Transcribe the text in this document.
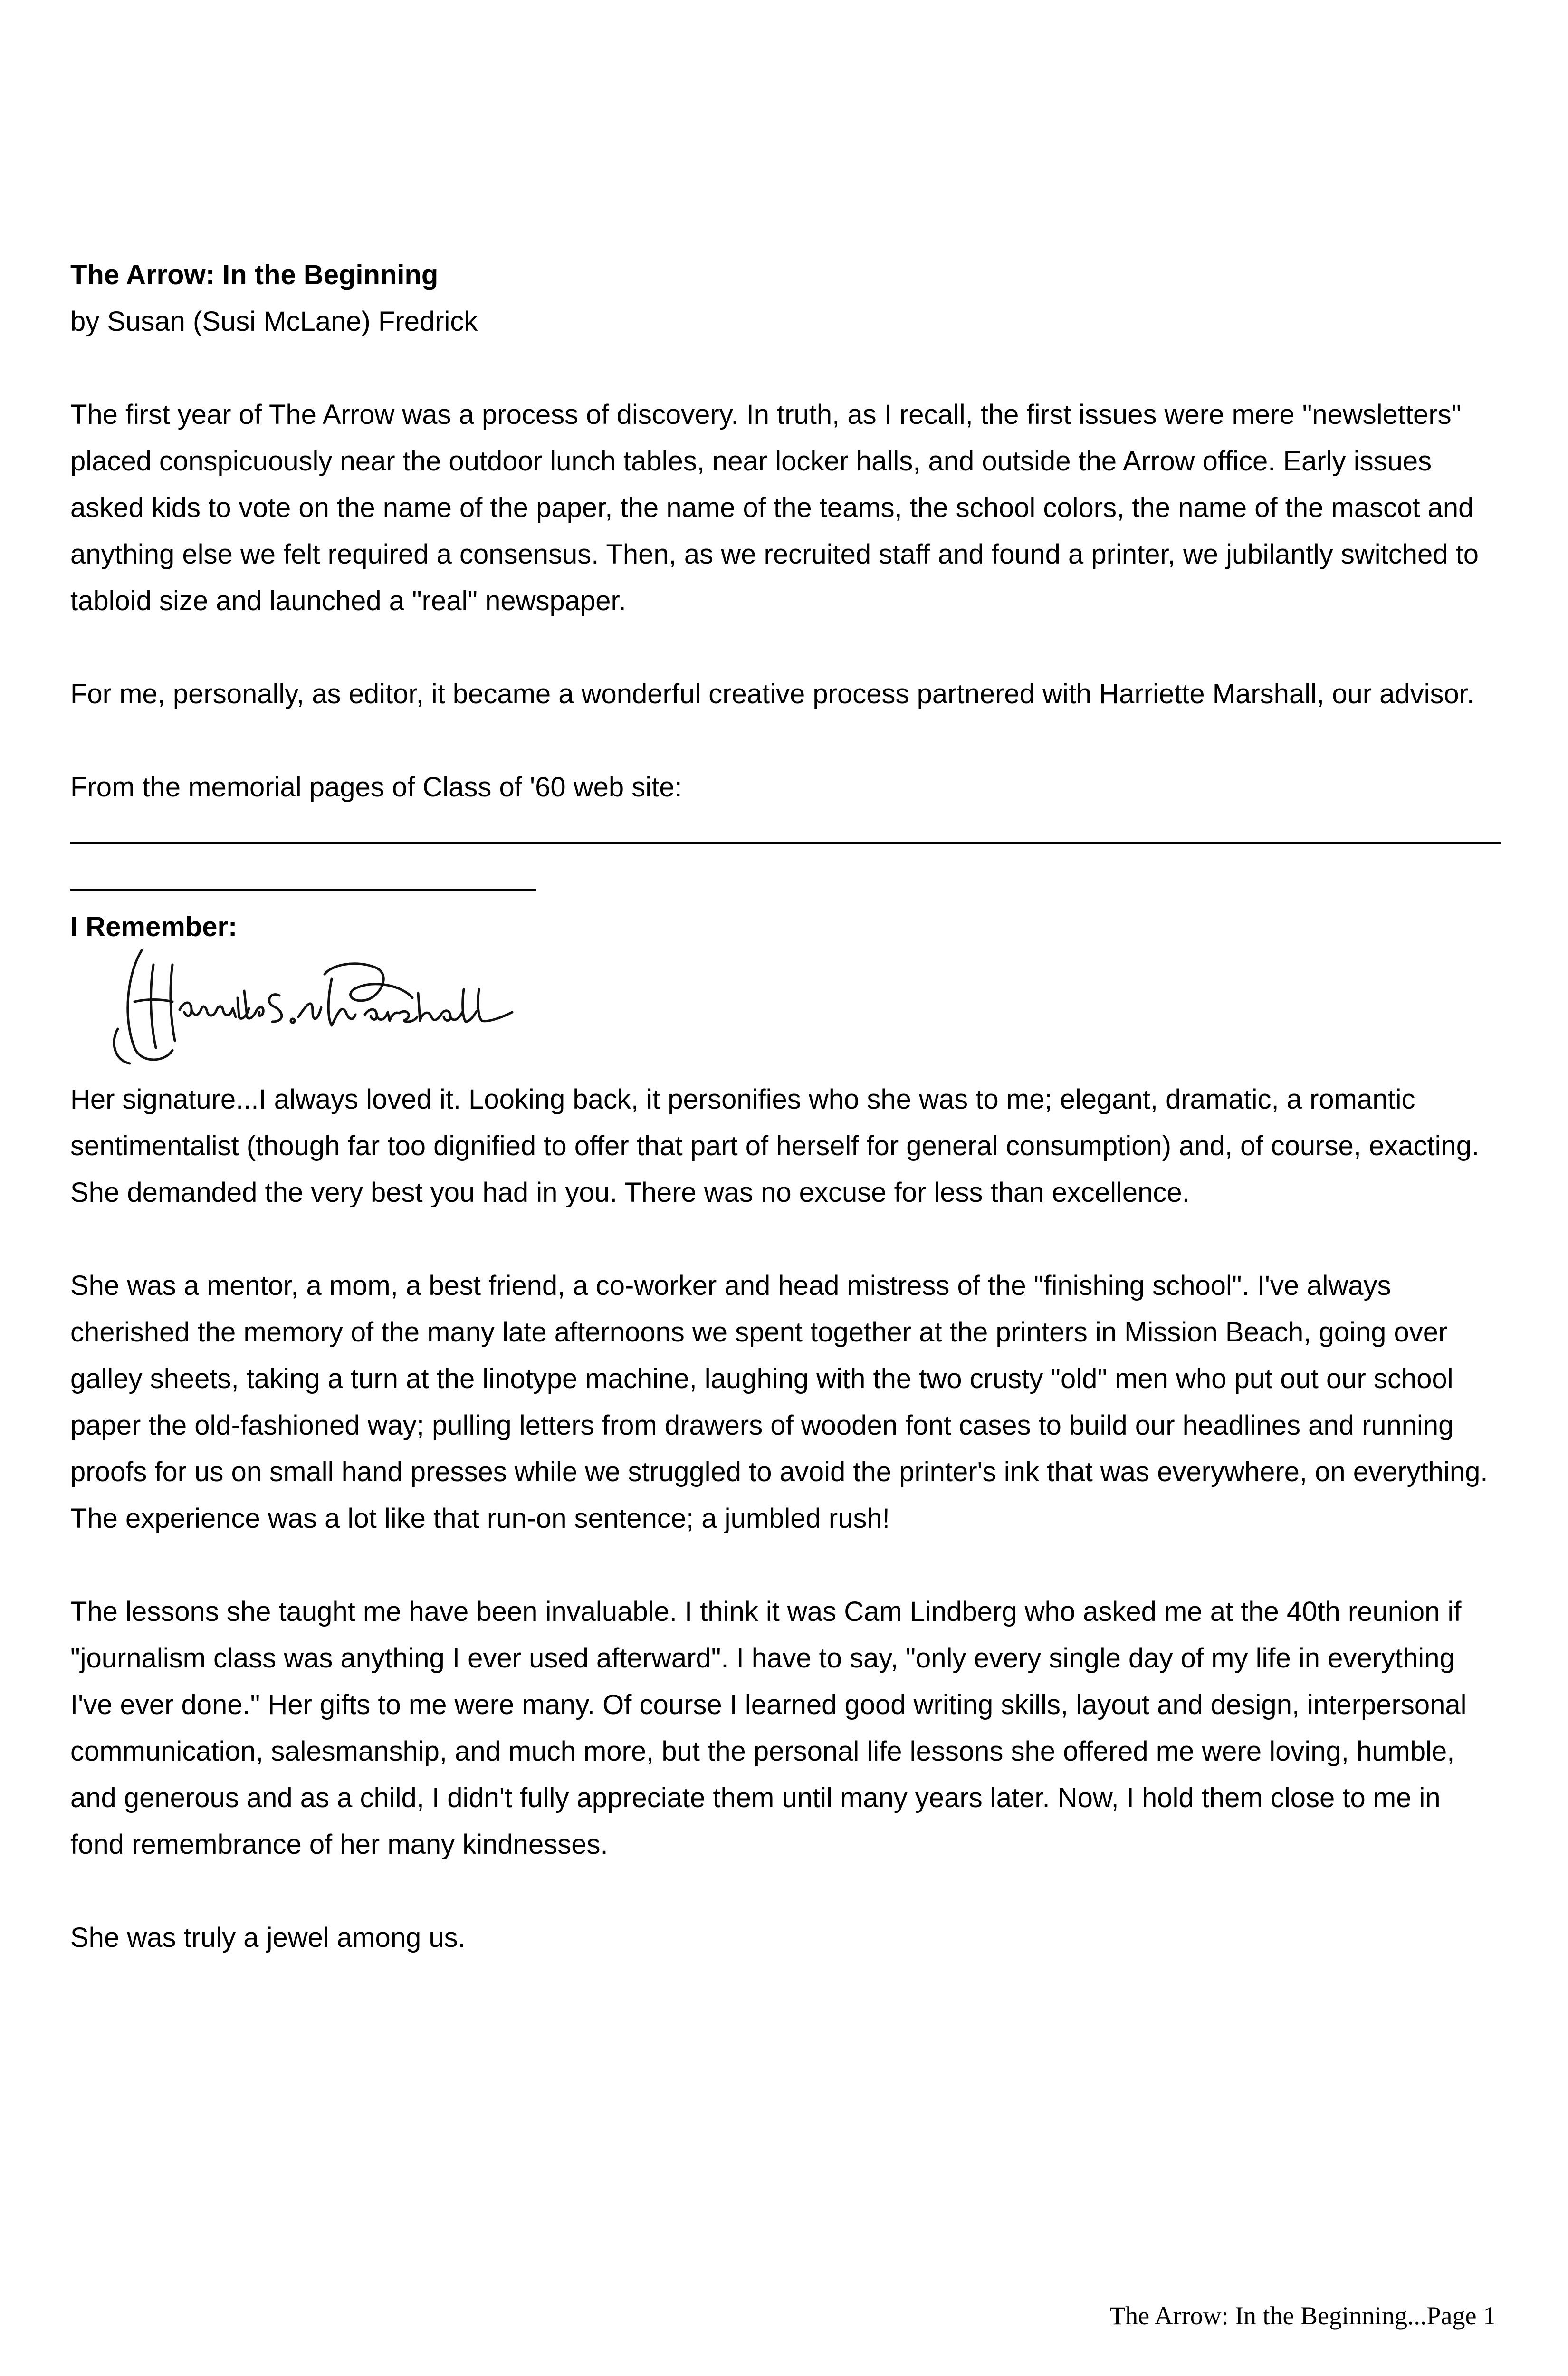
The Arrow: In the Beginning

by Susan (Susi McLane) Fredrick

The first year of The Arrow was a process of discovery. In truth, as I recall, the first issues were mere "newsletters" placed conspicuously near the outdoor lunch tables, near locker halls, and outside the Arrow office. Early issues asked kids to vote on the name of the paper, the name of the teams, the school colors, the name of the mascot and anything else we felt required a consensus. Then, as we recruited staff and found a printer, we jubilantly switched to tabloid size and launched a "real" newspaper.

For me, personally, as editor, it became a wonderful creative process partnered with Harriette Marshall, our advisor.

From the memorial pages of Class of '60 web site:

I Remember:

Her signature...I always loved it. Looking back, it personifies who she was to me; elegant, dramatic, a romantic sentimentalist (though far too dignified to offer that part of herself for general consumption) and, of course, exacting. She demanded the very best you had in you. There was no excuse for less than excellence.

She was a mentor, a mom, a best friend, a co-worker and head mistress of the "finishing school". I've always cherished the memory of the many late afternoons we spent together at the printers in Mission Beach, going over galley sheets, taking a turn at the linotype machine, laughing with the two crusty "old" men who put out our school paper the old-fashioned way; pulling letters from drawers of wooden font cases to build our headlines and running proofs for us on small hand presses while we struggled to avoid the printer's ink that was everywhere, on everything. The experience was a lot like that run-on sentence; a jumbled rush!

The lessons she taught me have been invaluable. I think it was Cam Lindberg who asked me at the 40th reunion if "journalism class was anything I ever used afterward". I have to say, "only every single day of my life in everything I've ever done." Her gifts to me were many. Of course I learned good writing skills, layout and design, interpersonal communication, salesmanship, and much more, but the personal life lessons she offered me were loving, humble, and generous and as a child, I didn't fully appreciate them until many years later. Now, I hold them close to me in fond remembrance of her many kindnesses.

She was truly a jewel among us.

The Arrow: In the Beginning...Page 1
